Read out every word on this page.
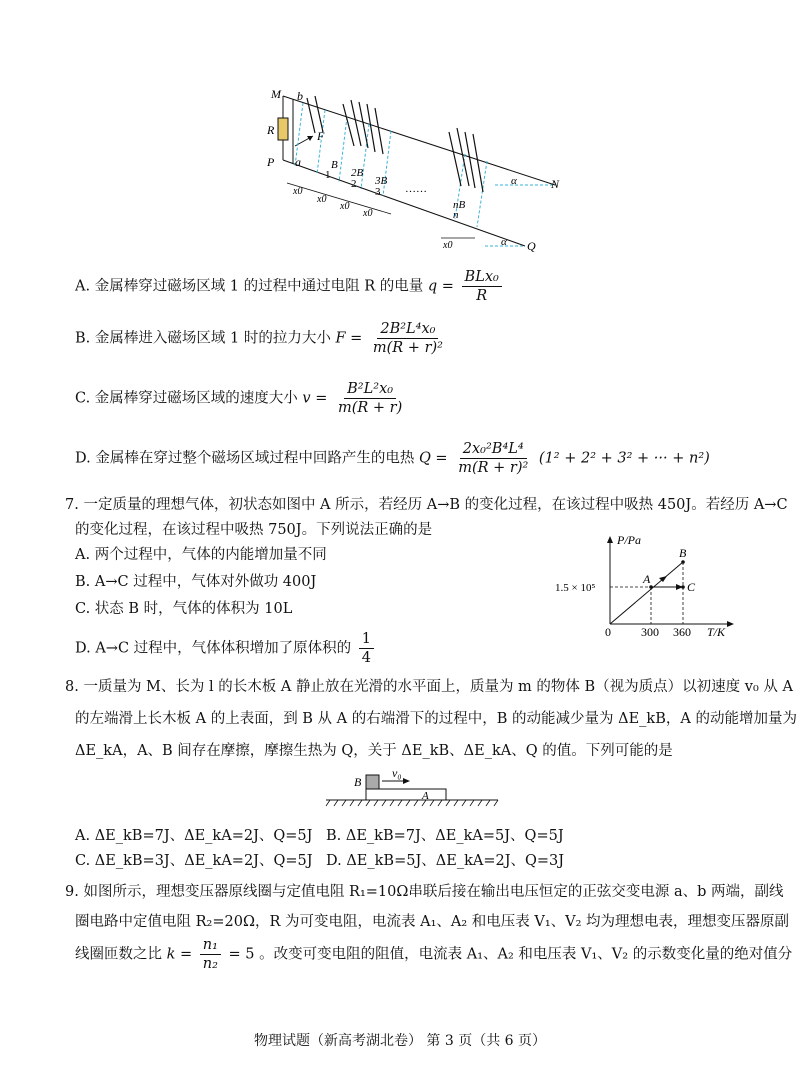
M b
R	F
P a	B
1 2B
2 3B
3 ……
nB
n
x0
x0
x0
x0
x0
α	N
α Q
A. 金属棒穿过磁场区域 1 的过程中通过电阻 R 的电量 $q = \frac{\text{BLx₀}}{R}$
B. 金属棒进入磁场区域 1 时的拉力大小 $F = \frac{\text{2B²L⁴x₀}}{\text{m(R + r)²}}$
C. 金属棒穿过磁场区域的速度大小 $v = \frac{\text{B²L²x₀}}{m(R + r)}$
D. 金属棒在穿过整个磁场区域过程中回路产生的电热 $Q = \frac{\text{2x₀²B⁴L⁴}}{\text{m(R + r)²}} (1^2 + 2^2 + 3^2$ + ··· + n²)
7. 一定质量的理想气体，初状态如图中 A 所示，若经历 A→B 的变化过程，在该过程中吸热 450J。若经历 A→C
的变化过程，在该过程中吸热 750J。下列说法正确的是
A. 两个过程中，气体的内能增加量不同
B. A→C 过程中，气体对外做功 400J
C. 状态 B 时，气体的体积为 10L
D. A→C 过程中，气体体积增加了原体积的 $\frac{1}{4}$
P/Pa
T/K
0
1.5 × 10⁵
300 360
A
B
C
8. 一质量为 M、长为 l 的长木板 A 静止放在光滑的水平面上，质量为 m 的物体 B（视为质点）以初速度 v₀ 从 A
的左端滑上长木板 A 的上表面，到 B 从 A 的右端滑下的过程中，B 的动能减少量为 ΔE_kB，A 的动能增加量为
ΔE_kA，A、B 间存在摩擦，摩擦生热为 Q，关于 ΔE_kB、ΔE_kA、Q 的值。下列可能的是
B
v₀
A
A. ΔE_kB=7J、ΔE_kA=2J、Q=5J B. ΔE_kB=7J、ΔE_kA=5J、Q=5J
C. ΔE_kB=3J、ΔE_kA=2J、Q=5J D. ΔE_kB=5J、ΔE_kA=2J、Q=3J
9. 如图所示，理想变压器原线圈与定值电阻 R₁=10Ω串联后接在输出电压恒定的正弦交变电源 a、b 两端，副线
圈电路中定值电阻 R₂=20Ω，R 为可变电阻，电流表 A₁、A₂ 和电压表 V₁、V₂ 均为理想电表，理想变压器原副
线圈匝数之比 $k = \frac{\text{n₁}}{\text{n₂}} = 5$ 。改变可变电阻的阻值，电流表 A₁、A₂ 和电压表 V₁、V₂ 的示数变化量的绝对值分
物理试题（新高考湖北卷） 第 3 页（共 6 页）
